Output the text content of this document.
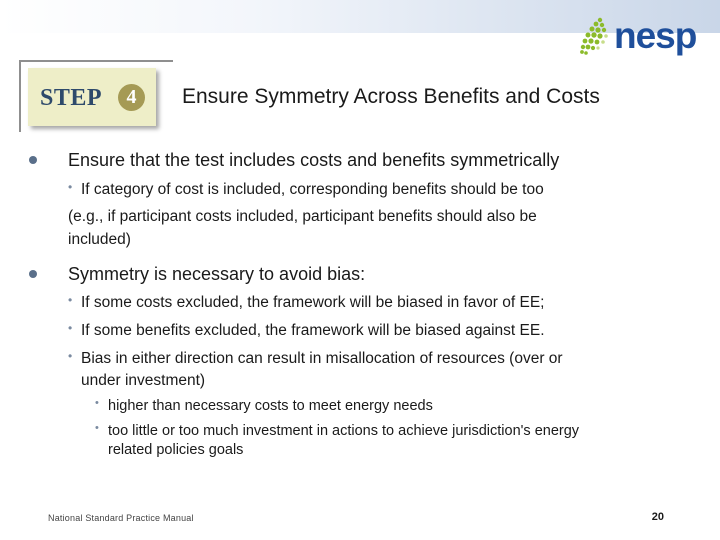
nesp
STEP	4	Ensure Symmetry Across Benefits and Costs
Ensure that the test includes costs and benefits symmetrically
• If category of cost is included, corresponding benefits should be too
(e.g., if participant costs included, participant benefits should also be
included)
Symmetry is necessary to avoid bias:
• If some costs excluded, the framework will be biased in favor of EE;
• If some benefits excluded, the framework will be biased against EE.
• Bias in either direction can result in misallocation of resources (over or
under investment)
• higher than necessary costs to meet energy needs
• too little or too much investment in actions to achieve jurisdiction's energy
related policies goals
National Standard Practice Manual	20
